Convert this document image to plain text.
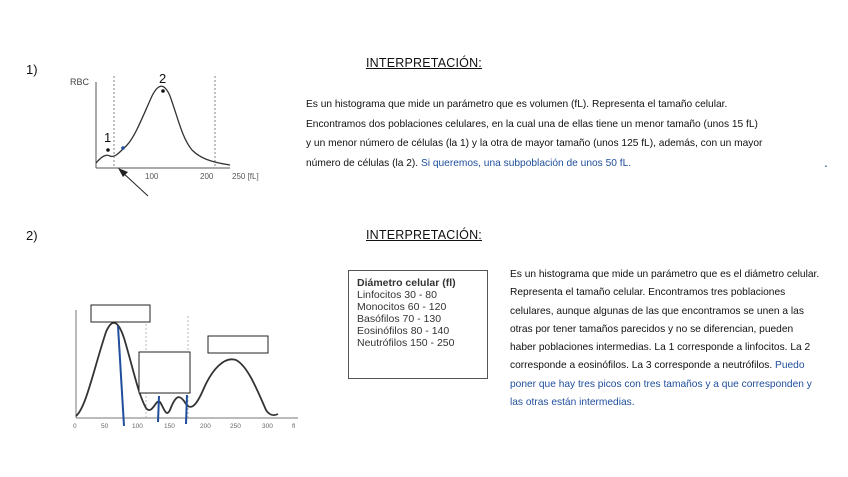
1)	INTERPRETACIÓN:
RBC
1
2
100	200 250 [fL]
Es un histograma que mide un parámetro que es volumen (fL). Representa el tamaño celular.
Encontramos dos poblaciones celulares, en la cual una de ellas tiene un menor tamaño (unos 15 fL)
y un menor número de células (la 1) y la otra de mayor tamaño (unos 125 fL), además, con un mayor
número de células (la 2). Si queremos, una subpoblación de unos 50 fL.	.
2)	INTERPRETACIÓN:
0	50	100	150	200	250	300	fl
Diámetro celular (fl)
Linfocitos 30 - 80
Monocitos 60 - 120
Basófilos 70 - 130
Eosinófilos 80 - 140
Neutrófilos 150 - 250
Es un histograma que mide un parámetro que es el diámetro celular.
Representa el tamaño celular. Encontramos tres poblaciones
celulares, aunque algunas de las que encontramos se unen a las
otras por tener tamaños parecidos y no se diferencian, pueden
haber poblaciones intermedias. La 1 corresponde a linfocitos. La 2
corresponde a eosinófilos. La 3 corresponde a neutrófilos. Puedo
poner que hay tres picos con tres tamaños y a que corresponden y
las otras están intermedias.
